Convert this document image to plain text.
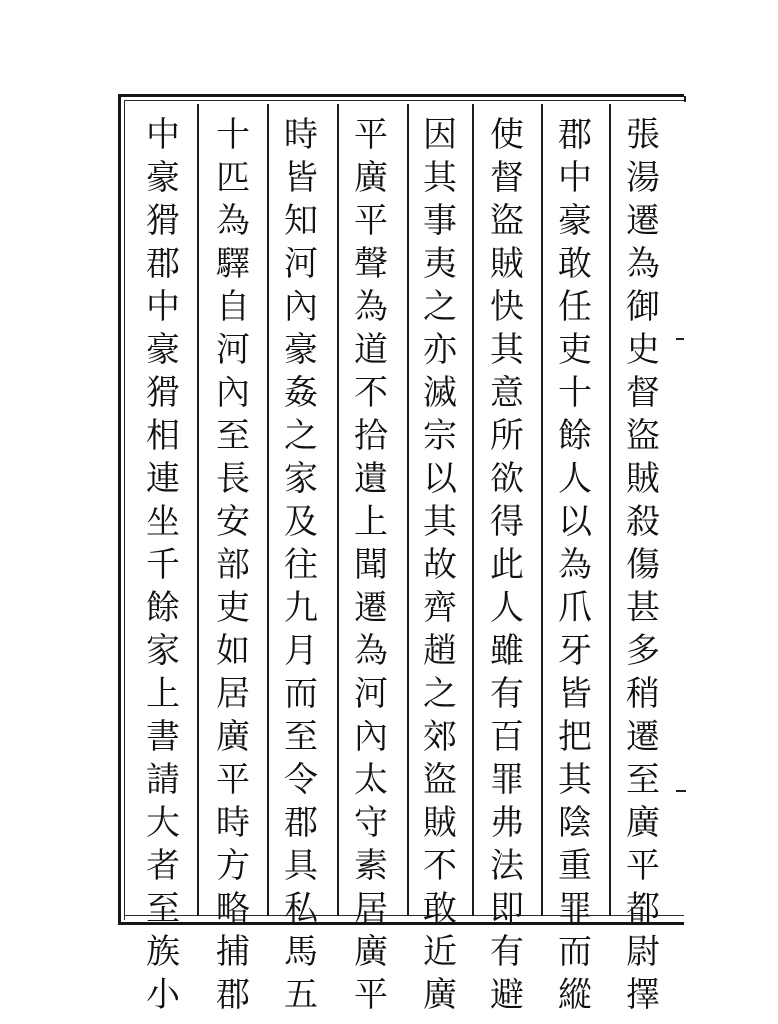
張
湯
遷
為
御
史
督
盜
賊
殺
傷
甚
多
稍
遷
至
廣
平
都
尉
擇
郡
中
豪
敢
任
吏
十
餘
人
以
為
爪
牙
皆
把
其
陰
重
罪
而
縱
使
督
盜
賊
快
其
意
所
欲
得
此
人
雖
有
百
罪
弗
法
即
有
避
因
其
事
夷
之
亦
滅
宗
以
其
故
齊
趙
之
郊
盜
賊
不
敢
近
廣
平
廣
平
聲
為
道
不
拾
遺
上
聞
遷
為
河
內
太
守
素
居
廣
平
時
皆
知
河
內
豪
姦
之
家
及
往
九
月
而
至
令
郡
具
私
馬
五
十
匹
為
驛
自
河
內
至
長
安
部
吏
如
居
廣
平
時
方
略
捕
郡
中
豪
猾
郡
中
豪
猾
相
連
坐
千
餘
家
上
書
請
大
者
至
族
小
